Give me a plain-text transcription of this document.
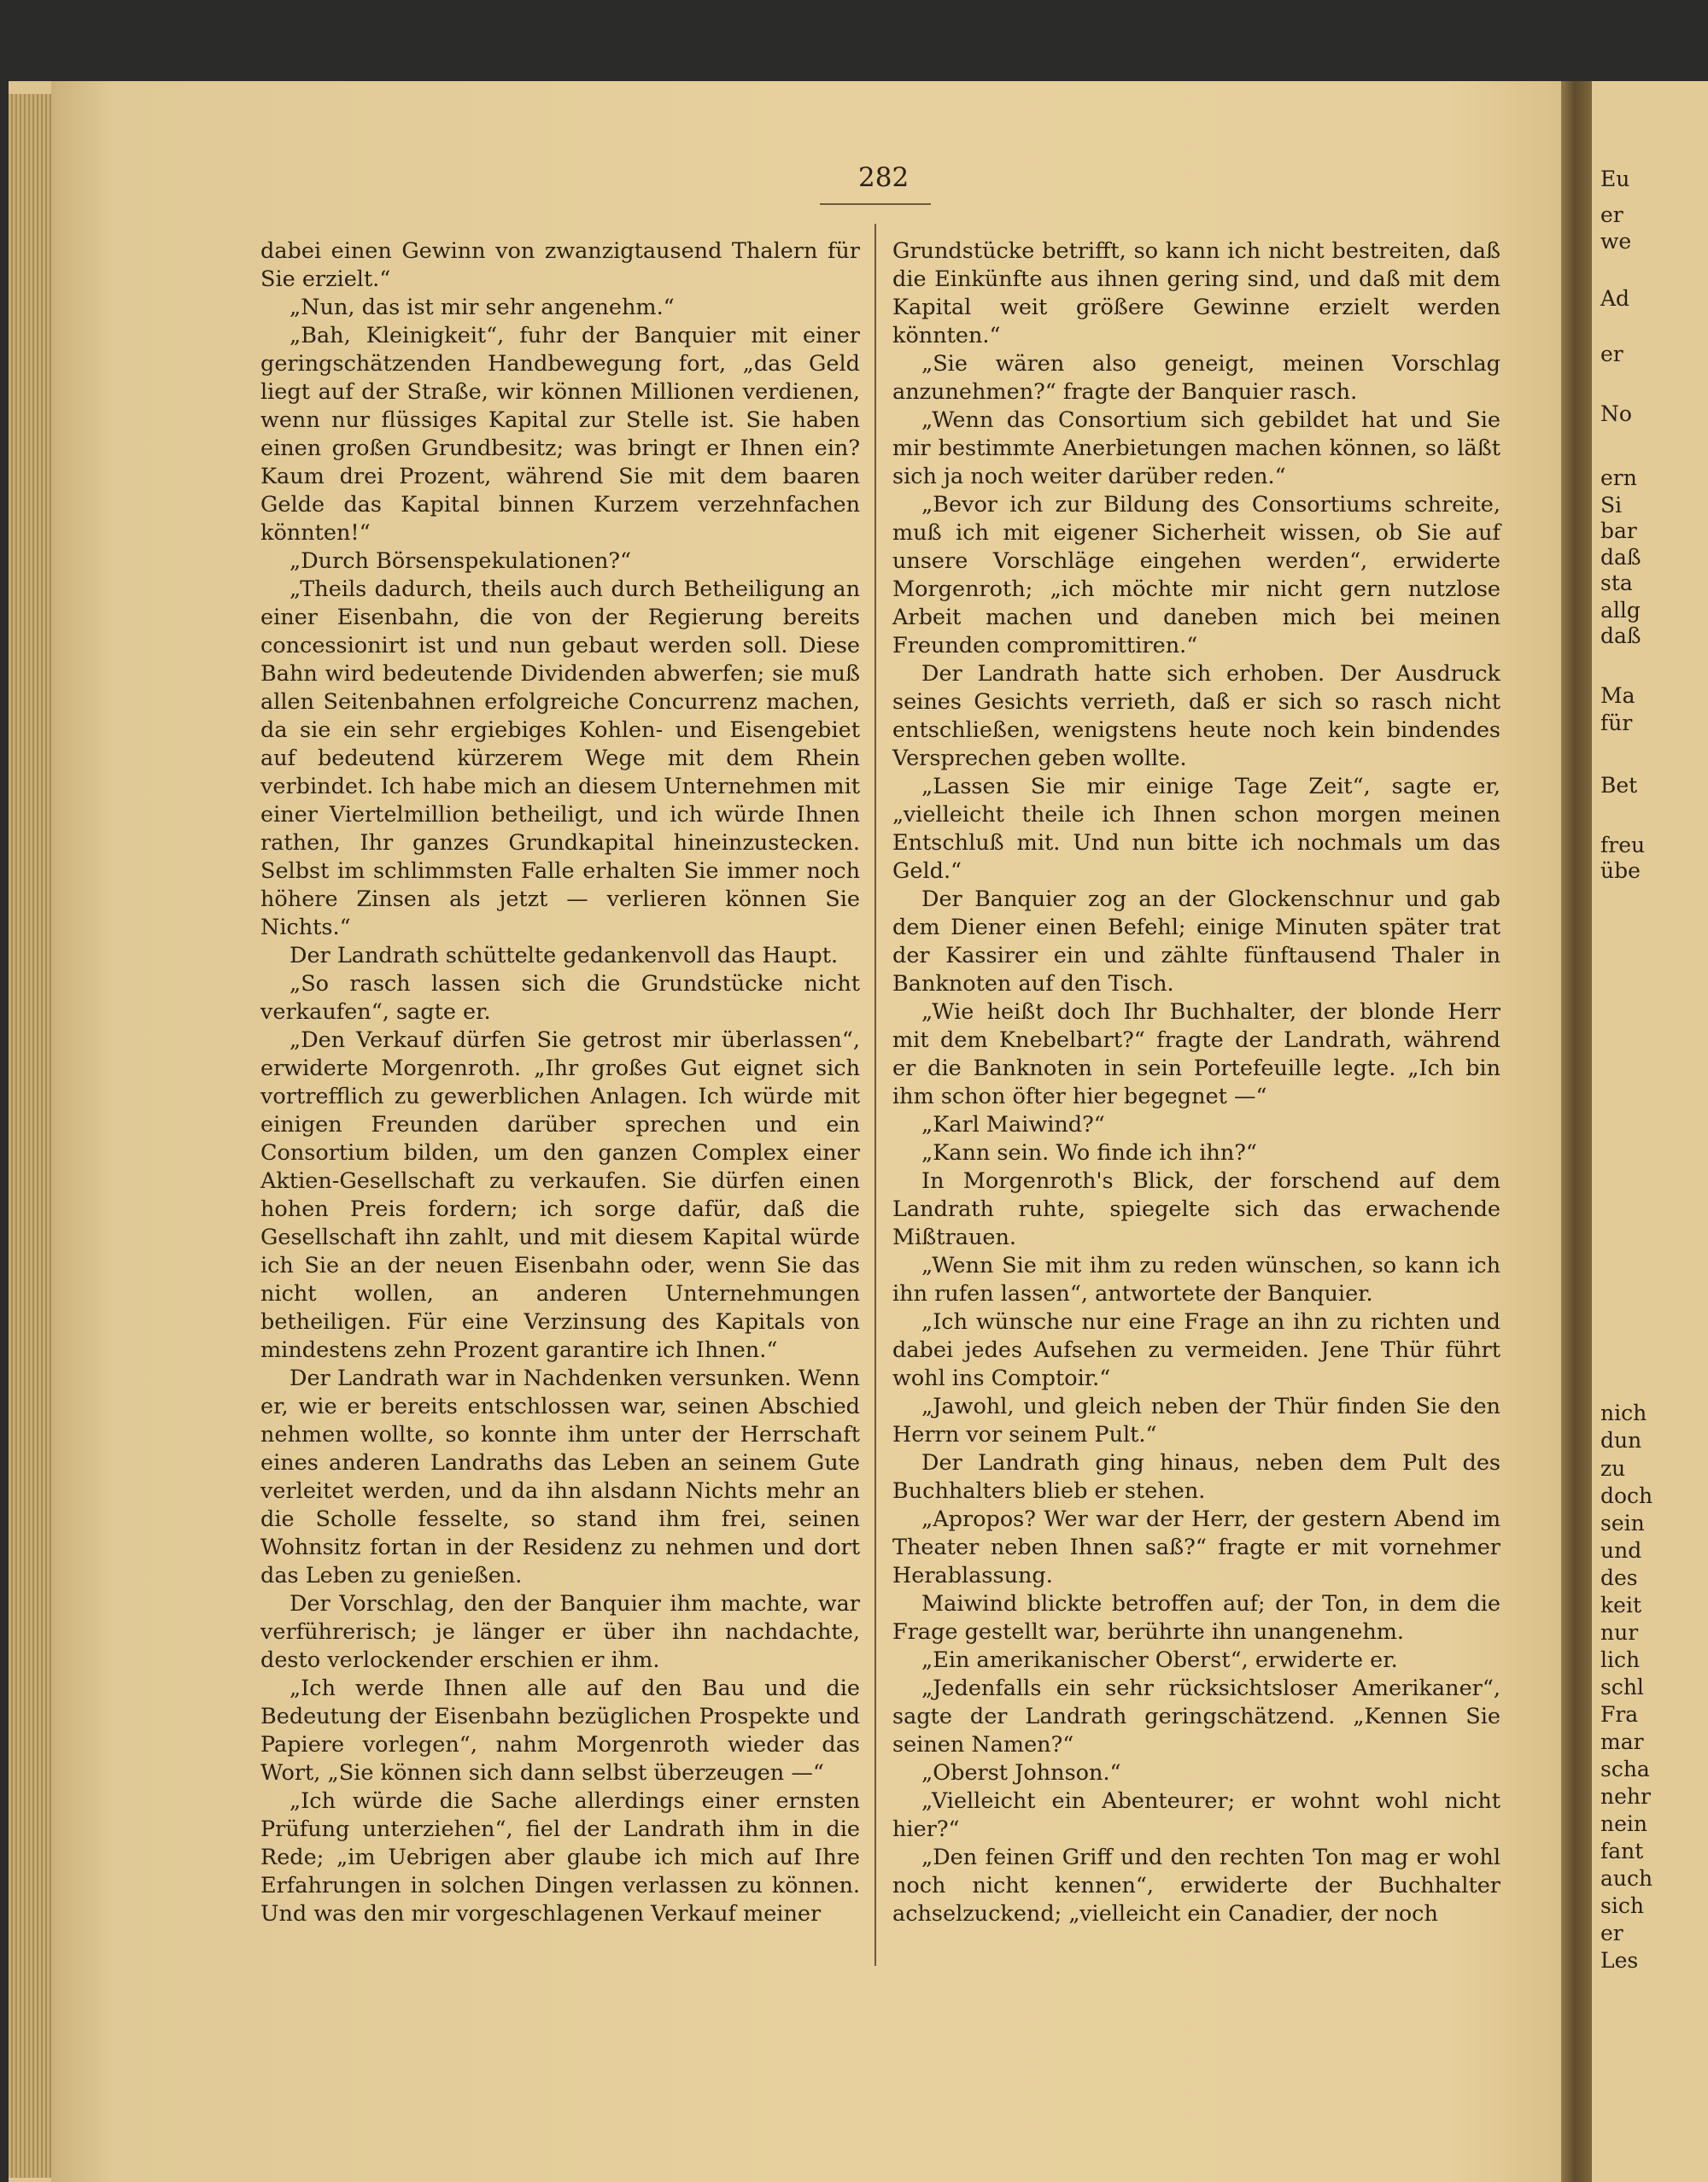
282

dabei einen Gewinn von zwanzigtausend Thalern für Sie erzielt.“

„Nun, das ist mir sehr angenehm.“

„Bah, Kleinigkeit“, fuhr der Banquier mit einer geringschätzenden Handbewegung fort, „das Geld liegt auf der Straße, wir können Millionen verdienen, wenn nur flüssiges Kapital zur Stelle ist. Sie haben einen großen Grundbesitz; was bringt er Ihnen ein? Kaum drei Prozent, während Sie mit dem baaren Gelde das Kapital binnen Kurzem verzehnfachen könnten!“

„Durch Börsenspekulationen?“

„Theils dadurch, theils auch durch Betheiligung an einer Eisenbahn, die von der Regierung bereits concessionirt ist und nun gebaut werden soll. Diese Bahn wird bedeutende Dividenden abwerfen; sie muß allen Seitenbahnen erfolgreiche Concurrenz machen, da sie ein sehr ergiebiges Kohlen- und Eisengebiet auf bedeutend kürzerem Wege mit dem Rhein verbindet. Ich habe mich an diesem Unternehmen mit einer Viertelmillion betheiligt, und ich würde Ihnen rathen, Ihr ganzes Grundkapital hineinzustecken. Selbst im schlimmsten Falle erhalten Sie immer noch höhere Zinsen als jetzt — verlieren können Sie Nichts.“

Der Landrath schüttelte gedankenvoll das Haupt.

„So rasch lassen sich die Grundstücke nicht verkaufen“, sagte er.

„Den Verkauf dürfen Sie getrost mir überlassen“, erwiderte Morgenroth. „Ihr großes Gut eignet sich vortrefflich zu gewerblichen Anlagen. Ich würde mit einigen Freunden darüber sprechen und ein Consortium bilden, um den ganzen Complex einer Aktien-Gesellschaft zu verkaufen. Sie dürfen einen hohen Preis fordern; ich sorge dafür, daß die Gesellschaft ihn zahlt, und mit diesem Kapital würde ich Sie an der neuen Eisenbahn oder, wenn Sie das nicht wollen, an anderen Unternehmungen betheiligen. Für eine Verzinsung des Kapitals von mindestens zehn Prozent garantire ich Ihnen.“

Der Landrath war in Nachdenken versunken. Wenn er, wie er bereits entschlossen war, seinen Abschied nehmen wollte, so konnte ihm unter der Herrschaft eines anderen Landraths das Leben an seinem Gute verleitet werden, und da ihn alsdann Nichts mehr an die Scholle fesselte, so stand ihm frei, seinen Wohnsitz fortan in der Residenz zu nehmen und dort das Leben zu genießen.

Der Vorschlag, den der Banquier ihm machte, war verführerisch; je länger er über ihn nachdachte, desto verlockender erschien er ihm.

„Ich werde Ihnen alle auf den Bau und die Bedeutung der Eisenbahn bezüglichen Prospekte und Papiere vorlegen“, nahm Morgenroth wieder das Wort, „Sie können sich dann selbst überzeugen —“

„Ich würde die Sache allerdings einer ernsten Prüfung unterziehen“, fiel der Landrath ihm in die Rede; „im Uebrigen aber glaube ich mich auf Ihre Erfahrungen in solchen Dingen verlassen zu können. Und was den mir vorgeschlagenen Verkauf meiner

Grundstücke betrifft, so kann ich nicht bestreiten, daß die Einkünfte aus ihnen gering sind, und daß mit dem Kapital weit größere Gewinne erzielt werden könnten.“

„Sie wären also geneigt, meinen Vorschlag anzunehmen?“ fragte der Banquier rasch.

„Wenn das Consortium sich gebildet hat und Sie mir bestimmte Anerbietungen machen können, so läßt sich ja noch weiter darüber reden.“

„Bevor ich zur Bildung des Consortiums schreite, muß ich mit eigener Sicherheit wissen, ob Sie auf unsere Vorschläge eingehen werden“, erwiderte Morgenroth; „ich möchte mir nicht gern nutzlose Arbeit machen und daneben mich bei meinen Freunden compromittiren.“

Der Landrath hatte sich erhoben. Der Ausdruck seines Gesichts verrieth, daß er sich so rasch nicht entschließen, wenigstens heute noch kein bindendes Versprechen geben wollte.

„Lassen Sie mir einige Tage Zeit“, sagte er, „vielleicht theile ich Ihnen schon morgen meinen Entschluß mit. Und nun bitte ich nochmals um das Geld.“

Der Banquier zog an der Glockenschnur und gab dem Diener einen Befehl; einige Minuten später trat der Kassirer ein und zählte fünftausend Thaler in Banknoten auf den Tisch.

„Wie heißt doch Ihr Buchhalter, der blonde Herr mit dem Knebelbart?“ fragte der Landrath, während er die Banknoten in sein Portefeuille legte. „Ich bin ihm schon öfter hier begegnet —“

„Karl Maiwind?“

„Kann sein. Wo finde ich ihn?“

In Morgenroth's Blick, der forschend auf dem Landrath ruhte, spiegelte sich das erwachende Mißtrauen.

„Wenn Sie mit ihm zu reden wünschen, so kann ich ihn rufen lassen“, antwortete der Banquier.

„Ich wünsche nur eine Frage an ihn zu richten und dabei jedes Aufsehen zu vermeiden. Jene Thür führt wohl ins Comptoir.“

„Jawohl, und gleich neben der Thür finden Sie den Herrn vor seinem Pult.“

Der Landrath ging hinaus, neben dem Pult des Buchhalters blieb er stehen.

„Apropos? Wer war der Herr, der gestern Abend im Theater neben Ihnen saß?“ fragte er mit vornehmer Herablassung.

Maiwind blickte betroffen auf; der Ton, in dem die Frage gestellt war, berührte ihn unangenehm.

„Ein amerikanischer Oberst“, erwiderte er.

„Jedenfalls ein sehr rücksichtsloser Amerikaner“, sagte der Landrath geringschätzend. „Kennen Sie seinen Namen?“

„Oberst Johnson.“

„Vielleicht ein Abenteurer; er wohnt wohl nicht hier?“

„Den feinen Griff und den rechten Ton mag er wohl noch nicht kennen“, erwiderte der Buchhalter achselzuckend; „vielleicht ein Canadier, der noch

Eu

er

we

Ad

er

No

ern

Si

bar

daß

sta

allg

daß

Ma

für

Bet

freu

übe

nich

dun

zu

doch

sein

und

des

keit

nur

lich

schl

Fra

mar

scha

nehr

nein

fant

auch

sich

er

Les
